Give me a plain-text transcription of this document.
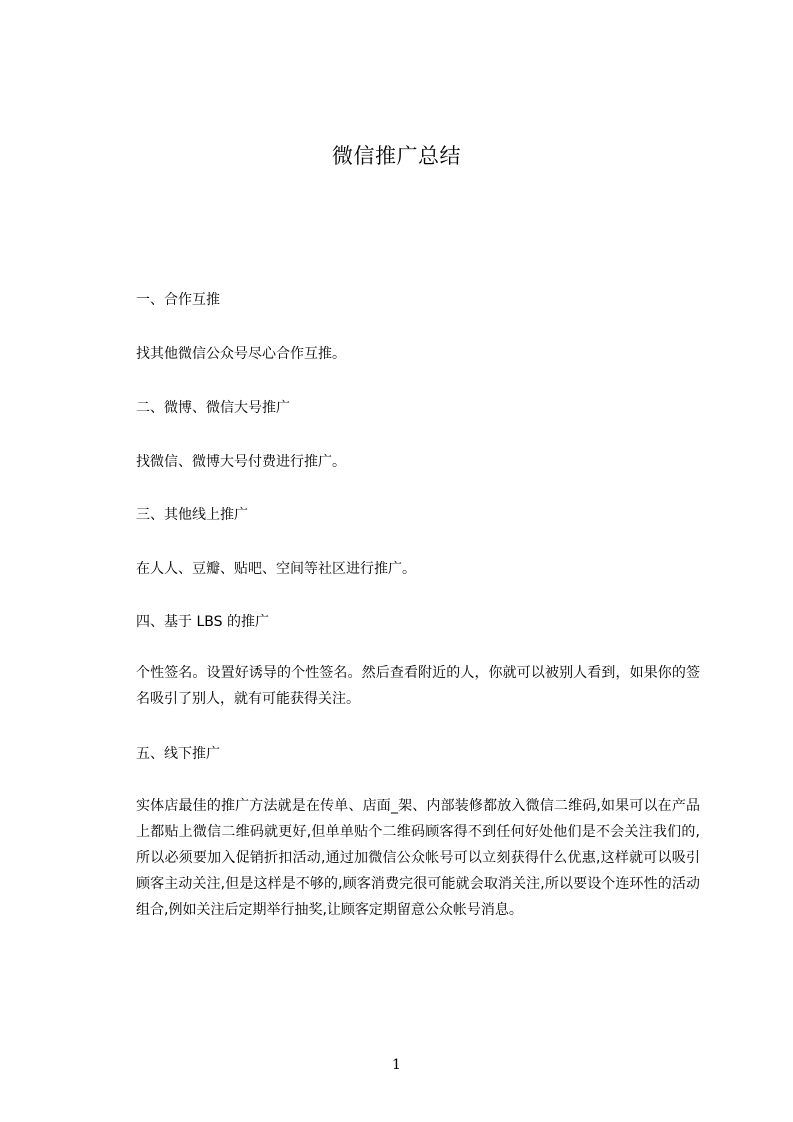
微信推广总结
一、合作互推
找其他微信公众号尽心合作互推。
二、微博、微信大号推广
找微信、微博大号付费进行推广。
三、其他线上推广
在人人、豆瓣、贴吧、空间等社区进行推广。
四、基于 LBS 的推广
个性签名。设置好诱导的个性签名。然后查看附近的人，你就可以被别人看到，如果你的签名吸引了别人，就有可能获得关注。
五、线下推广
实体店最佳的推广方法就是在传单、店面_架、内部装修都放入微信二维码,如果可以在产品上都贴上微信二维码就更好,但单单贴个二维码顾客得不到任何好处他们是不会关注我们的,所以必须要加入促销折扣活动,通过加微信公众帐号可以立刻获得什么优惠,这样就可以吸引顾客主动关注,但是这样是不够的,顾客消费完很可能就会取消关注,所以要设个连环性的活动组合,例如关注后定期举行抽奖,让顾客定期留意公众帐号消息。
1
